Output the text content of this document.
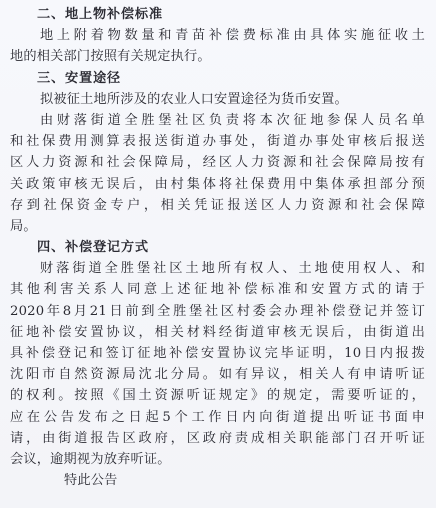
二、地上物补偿标准
地上附着物数量和青苗补偿费标准由具体实施征收土
地的相关部门按照有关规定执行。
三、安置途径
拟被征土地所涉及的农业人口安置途径为货币安置。
由财落街道全胜堡社区负责将本次征地参保人员名单
和社保费用测算表报送街道办事处，街道办事处审核后报送
区人力资源和社会保障局，经区人力资源和社会保障局按有
关政策审核无误后，由村集体将社保费用中集体承担部分预
存到社保资金专户，相关凭证报送区人力资源和社会保障
局。
四、补偿登记方式
财落街道全胜堡社区土地所有权人、土地使用权人、和
其他利害关系人同意上述征地补偿标准和安置方式的请于
2020年8月21日前到全胜堡社区村委会办理补偿登记并签订
征地补偿安置协议，相关材料经街道审核无误后，由街道出
具补偿登记和签订征地补偿安置协议完毕证明，10日内报拨
沈阳市自然资源局沈北分局。如有异议，相关人有申请听证
的权利。按照《国土资源听证规定》的规定，需要听证的，
应在公告发布之日起5个工作日内向街道提出听证书面申
请，由街道报告区政府，区政府责成相关职能部门召开听证
会议，逾期视为放弃听证。
特此公告
